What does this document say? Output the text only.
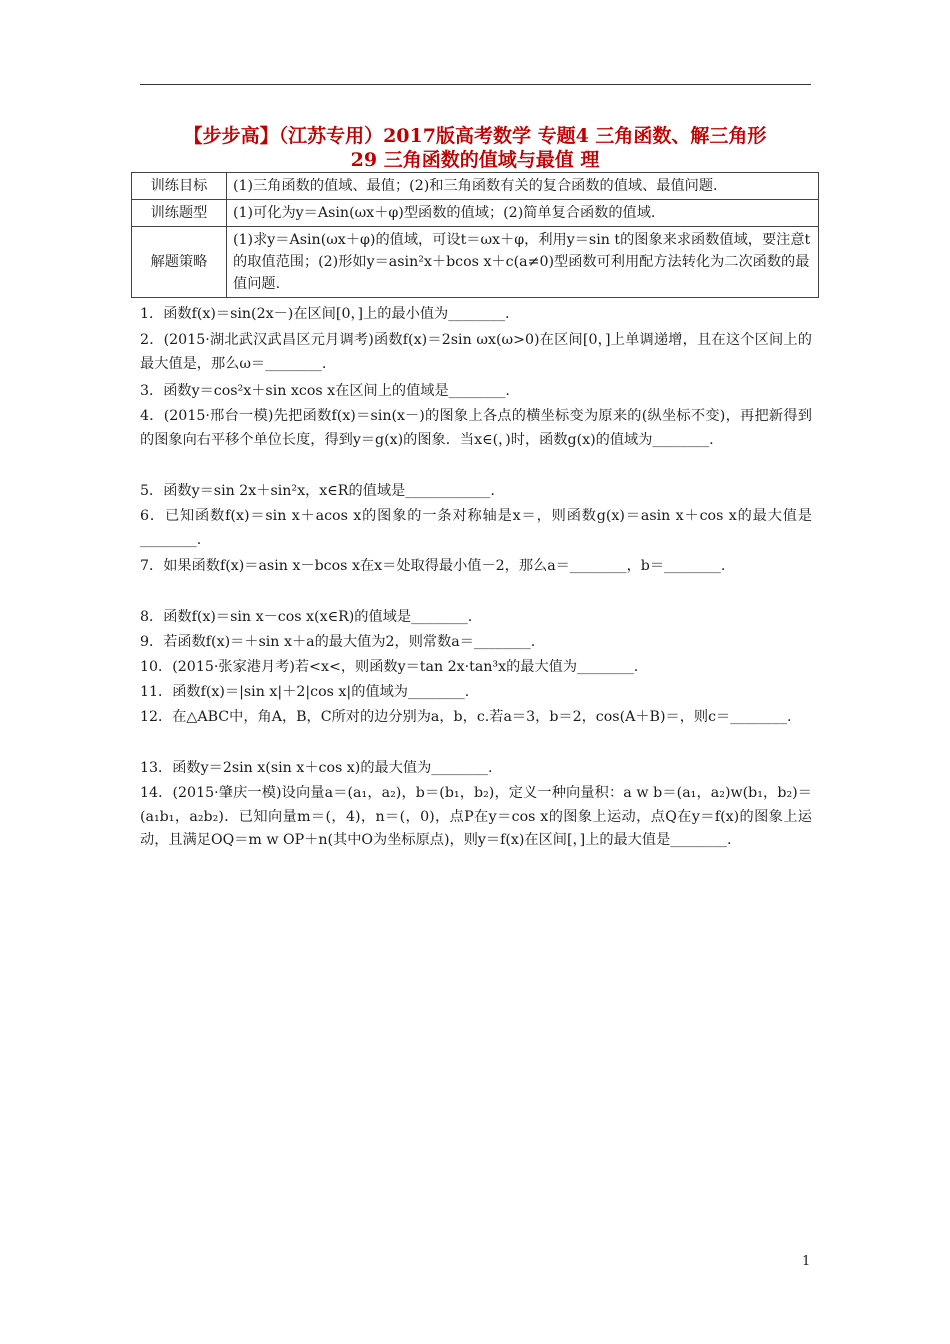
【步步高】（江苏专用）2017版高考数学 专题4 三角函数、解三角形
29 三角函数的值域与最值 理
训练目标	(1)三角函数的值域、最值；(2)和三角函数有关的复合函数的值域、最值问题.
训练题型	(1)可化为y＝Asin(ωx＋φ)型函数的值域；(2)简单复合函数的值域.
解题策略	(1)求y＝Asin(ωx＋φ)的值域，可设t＝ωx＋φ，利用y＝sin t的图象来求函数值域，要注意t的取值范围；(2)形如y＝asin²x＋bcos x＋c(a≠0)型函数可利用配方法转化为二次函数的最值问题.
1．函数f(x)＝sin(2x－)在区间[0，]上的最小值为________.
2．(2015·湖北武汉武昌区元月调考)函数f(x)＝2sin ωx(ω>0)在区间[0，]上单调递增，且在这个区间上的最大值是，那么ω＝________.
3．函数y＝cos²x＋sin xcos x在区间上的值域是________.
4．(2015·邢台一模)先把函数f(x)＝sin(x－)的图象上各点的横坐标变为原来的(纵坐标不变)，再把新得到的图象向右平移个单位长度，得到y＝g(x)的图象．当x∈(，)时，函数g(x)的值域为________.
5．函数y＝sin 2x＋sin²x，x∈R的值域是____________.
6．已知函数f(x)＝sin x＋acos x的图象的一条对称轴是x＝，则函数g(x)＝asin x＋cos x的最大值是________.
7．如果函数f(x)＝asin x－bcos x在x＝处取得最小值－2，那么a＝________，b＝________.
8．函数f(x)＝sin x－cos x(x∈R)的值域是________.
9．若函数f(x)＝＋sin x＋a的最大值为2，则常数a＝________.
10．(2015·张家港月考)若<x<，则函数y＝tan 2x·tan³x的最大值为________.
11．函数f(x)＝|sin x|＋2|cos x|的值域为________.
12．在△ABC中，角A，B，C所对的边分别为a，b，c.若a＝3，b＝2，cos(A＋B)＝，则c＝________.
13．函数y＝2sin x(sin x＋cos x)的最大值为________.
14．(2015·肇庆一模)设向量a＝(a₁，a₂)，b＝(b₁，b₂)，定义一种向量积：a w b＝(a₁，a₂)w(b₁，b₂)＝(a₁b₁，a₂b₂)．已知向量m＝(，4)，n＝(，0)，点P在y＝cos x的图象上运动，点Q在y＝f(x)的图象上运动，且满足OQ＝m w OP＋n(其中O为坐标原点)，则y＝f(x)在区间[，]上的最大值是________.
1
